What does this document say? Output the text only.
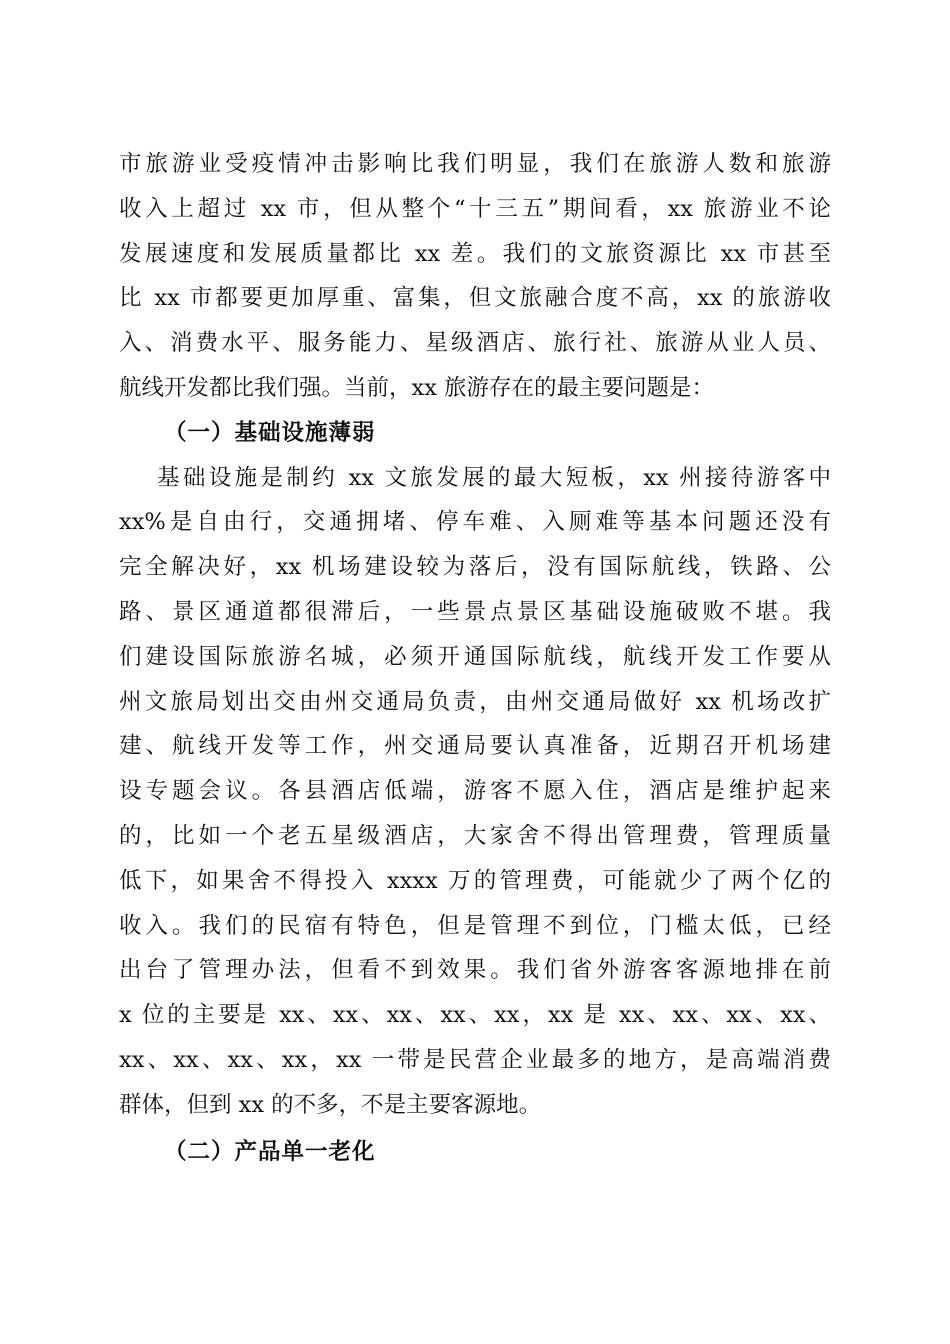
市旅游业受疫情冲击影响比我们明显，我们在旅游人数和旅游
收入上超过 xx 市，但从整个“十三五”期间看，xx 旅游业不论
发展速度和发展质量都比 xx 差。我们的文旅资源比 xx 市甚至
比 xx 市都要更加厚重、富集，但文旅融合度不高，xx 的旅游收
入、消费水平、服务能力、星级酒店、旅行社、旅游从业人员、
航线开发都比我们强。当前，xx 旅游存在的最主要问题是：
（一）基础设施薄弱
基础设施是制约 xx 文旅发展的最大短板，xx 州接待游客中
xx%是自由行，交通拥堵、停车难、入厕难等基本问题还没有
完全解决好，xx 机场建设较为落后，没有国际航线，铁路、公
路、景区通道都很滞后，一些景点景区基础设施破败不堪。我
们建设国际旅游名城，必须开通国际航线，航线开发工作要从
州文旅局划出交由州交通局负责，由州交通局做好 xx 机场改扩
建、航线开发等工作，州交通局要认真准备，近期召开机场建
设专题会议。各县酒店低端，游客不愿入住，酒店是维护起来
的，比如一个老五星级酒店，大家舍不得出管理费，管理质量
低下，如果舍不得投入 xxxx 万的管理费，可能就少了两个亿的
收入。我们的民宿有特色，但是管理不到位，门槛太低，已经
出台了管理办法，但看不到效果。我们省外游客客源地排在前
x 位的主要是 xx、xx、xx、xx、xx，xx 是 xx、xx、xx、xx、
xx、xx、xx、xx，xx 一带是民营企业最多的地方，是高端消费
群体，但到 xx 的不多，不是主要客源地。
（二）产品单一老化
